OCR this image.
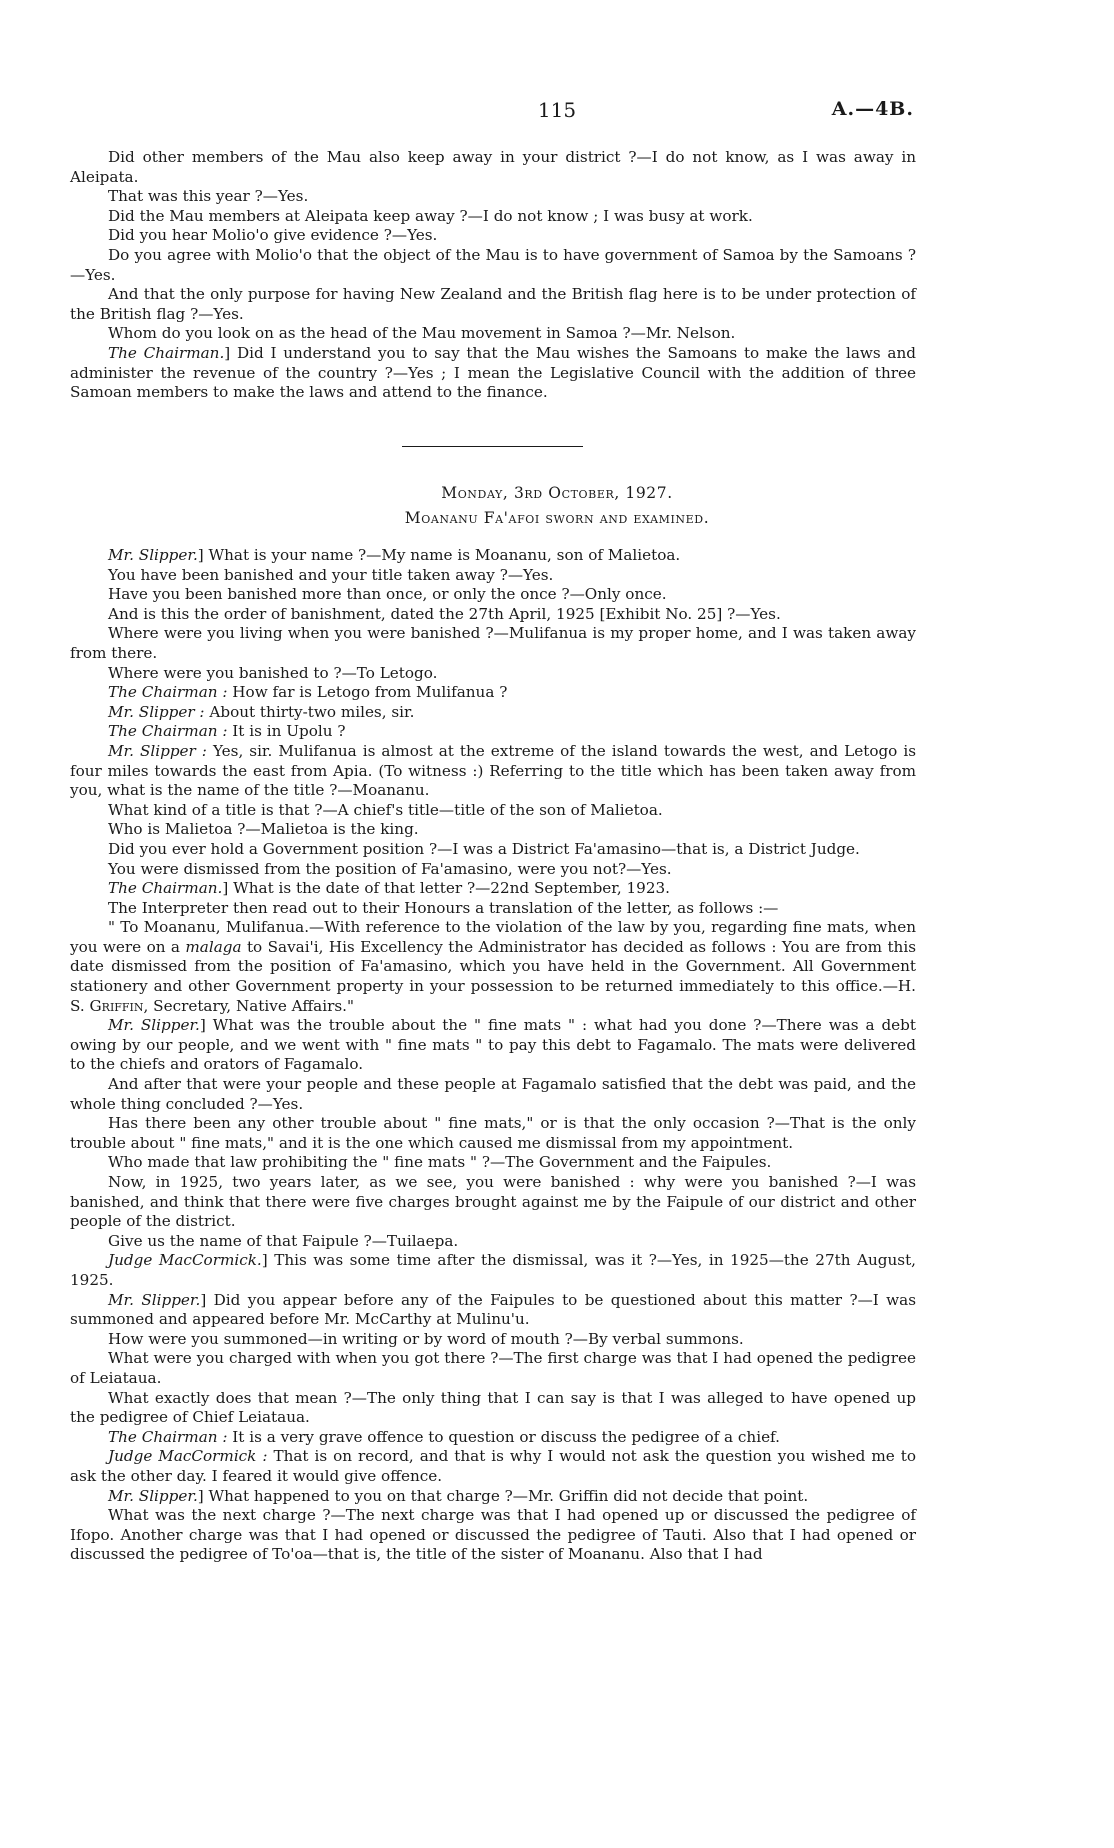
115	A.—4B.

Did other members of the Mau also keep away in your district ?—I do not know, as I was away in Aleipata.

That was this year ?—Yes.

Did the Mau members at Aleipata keep away ?—I do not know ; I was busy at work.

Did you hear Molio'o give evidence ?—Yes.

Do you agree with Molio'o that the object of the Mau is to have government of Samoa by the Samoans ?—Yes.

And that the only purpose for having New Zealand and the British flag here is to be under protection of the British flag ?—Yes.

Whom do you look on as the head of the Mau movement in Samoa ?—Mr. Nelson.

The Chairman.] Did I understand you to say that the Mau wishes the Samoans to make the laws and administer the revenue of the country ?—Yes ; I mean the Legislative Council with the addition of three Samoan members to make the laws and attend to the finance.

Monday, 3rd October, 1927.
Moananu Fa'afoi sworn and examined.

Mr. Slipper.] What is your name ?—My name is Moananu, son of Malietoa.

You have been banished and your title taken away ?—Yes.

Have you been banished more than once, or only the once ?—Only once.

And is this the order of banishment, dated the 27th April, 1925 [Exhibit No. 25] ?—Yes.

Where were you living when you were banished ?—Mulifanua is my proper home, and I was taken away from there.

Where were you banished to ?—To Letogo.

The Chairman : How far is Letogo from Mulifanua ?

Mr. Slipper : About thirty-two miles, sir.

The Chairman : It is in Upolu ?

Mr. Slipper : Yes, sir. Mulifanua is almost at the extreme of the island towards the west, and Letogo is four miles towards the east from Apia. (To witness :) Referring to the title which has been taken away from you, what is the name of the title ?—Moananu.

What kind of a title is that ?—A chief's title—title of the son of Malietoa.

Who is Malietoa ?—Malietoa is the king.

Did you ever hold a Government position ?—I was a District Fa'amasino—that is, a District Judge.

You were dismissed from the position of Fa'amasino, were you not?—Yes.

The Chairman.] What is the date of that letter ?—22nd September, 1923.

The Interpreter then read out to their Honours a translation of the letter, as follows :—

" To Moananu, Mulifanua.—With reference to the violation of the law by you, regarding fine mats, when you were on a malaga to Savai'i, His Excellency the Administrator has decided as follows : You are from this date dismissed from the position of Fa'amasino, which you have held in the Government. All Government stationery and other Government property in your possession to be returned immediately to this office.—H. S. Griffin, Secretary, Native Affairs."

Mr. Slipper.] What was the trouble about the " fine mats " : what had you done ?—There was a debt owing by our people, and we went with " fine mats " to pay this debt to Fagamalo. The mats were delivered to the chiefs and orators of Fagamalo.

And after that were your people and these people at Fagamalo satisfied that the debt was paid, and the whole thing concluded ?—Yes.

Has there been any other trouble about " fine mats," or is that the only occasion ?—That is the only trouble about " fine mats," and it is the one which caused me dismissal from my appointment.

Who made that law prohibiting the " fine mats " ?—The Government and the Faipules.

Now, in 1925, two years later, as we see, you were banished : why were you banished ?—I was banished, and think that there were five charges brought against me by the Faipule of our district and other people of the district.

Give us the name of that Faipule ?—Tuilaepa.

Judge MacCormick.] This was some time after the dismissal, was it ?—Yes, in 1925—the 27th August, 1925.

Mr. Slipper.] Did you appear before any of the Faipules to be questioned about this matter ?—I was summoned and appeared before Mr. McCarthy at Mulinu'u.

How were you summoned—in writing or by word of mouth ?—By verbal summons.

What were you charged with when you got there ?—The first charge was that I had opened the pedigree of Leiataua.

What exactly does that mean ?—The only thing that I can say is that I was alleged to have opened up the pedigree of Chief Leiataua.

The Chairman : It is a very grave offence to question or discuss the pedigree of a chief.

Judge MacCormick : That is on record, and that is why I would not ask the question you wished me to ask the other day. I feared it would give offence.

Mr. Slipper.] What happened to you on that charge ?—Mr. Griffin did not decide that point.

What was the next charge ?—The next charge was that I had opened up or discussed the pedigree of Ifopo. Another charge was that I had opened or discussed the pedigree of Tauti. Also that I had opened or discussed the pedigree of To'oa—that is, the title of the sister of Moananu. Also that I had
